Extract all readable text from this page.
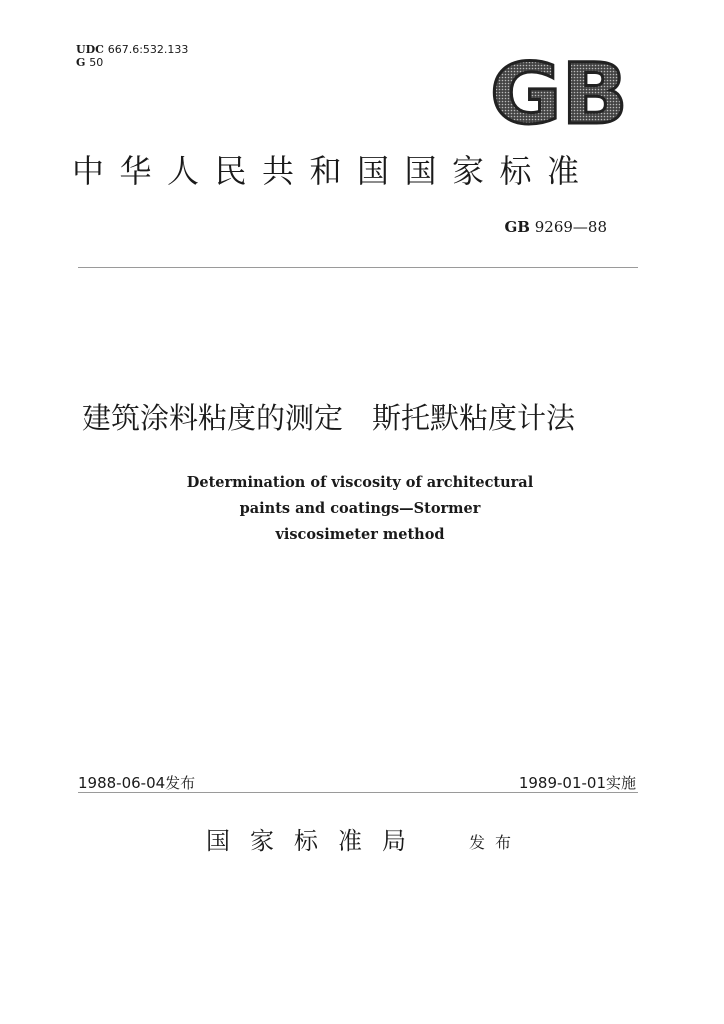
UDC 667.6:532.133
G 50	GB
中华人民共和国国家标准
GB 9269—88
建筑涂料粘度的测定　斯托默粘度计法
Determination of viscosity of architectural
paints and coatings—Stormer
viscosimeter method
1988-06-04发布	1989-01-01实施
国家标准局	发布
